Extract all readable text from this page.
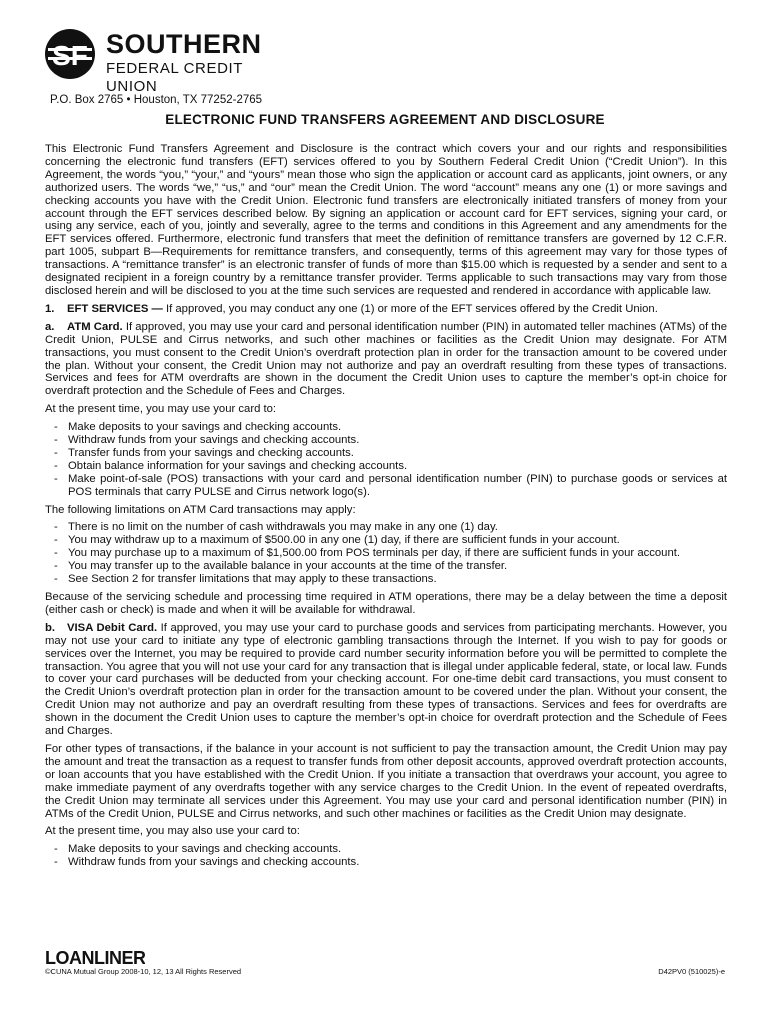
SF SOUTHERN
FEDERAL CREDIT UNION
P.O. Box 2765 • Houston, TX 77252-2765
ELECTRONIC FUND TRANSFERS AGREEMENT AND DISCLOSURE

This Electronic Fund Transfers Agreement and Disclosure is the contract which covers your and our rights and responsibilities concerning the electronic fund transfers (EFT) services offered to you by Southern Federal Credit Union (“Credit Union”). In this Agreement, the words “you,” “your,” and “yours” mean those who sign the application or account card as applicants, joint owners, or any authorized users. The words “we,” “us,” and “our” mean the Credit Union. The word “account” means any one (1) or more savings and checking accounts you have with the Credit Union. Electronic fund transfers are electronically initiated transfers of money from your account through the EFT services described below. By signing an application or account card for EFT services, signing your card, or using any service, each of you, jointly and severally, agree to the terms and conditions in this Agreement and any amendments for the EFT services offered. Furthermore, electronic fund transfers that meet the definition of remittance transfers are governed by 12 C.F.R. part 1005, subpart B—Requirements for remittance transfers, and consequently, terms of this agreement may vary for those types of transactions. A “remittance transfer” is an electronic transfer of funds of more than $15.00 which is requested by a sender and sent to a designated recipient in a foreign country by a remittance transfer provider. Terms applicable to such transactions may vary from those disclosed herein and will be disclosed to you at the time such services are requested and rendered in accordance with applicable law.

1. EFT SERVICES — If approved, you may conduct any one (1) or more of the EFT services offered by the Credit Union.

a. ATM Card. If approved, you may use your card and personal identification number (PIN) in automated teller machines (ATMs) of the Credit Union, PULSE and Cirrus networks, and such other machines or facilities as the Credit Union may designate. For ATM transactions, you must consent to the Credit Union’s overdraft protection plan in order for the transaction amount to be covered under the plan. Without your consent, the Credit Union may not authorize and pay an overdraft resulting from these types of transactions. Services and fees for ATM overdrafts are shown in the document the Credit Union uses to capture the member’s opt-in choice for overdraft protection and the Schedule of Fees and Charges.

At the present time, you may use your card to:

- Make deposits to your savings and checking accounts.
- Withdraw funds from your savings and checking accounts.
- Transfer funds from your savings and checking accounts.
- Obtain balance information for your savings and checking accounts.
- Make point-of-sale (POS) transactions with your card and personal identification number (PIN) to purchase goods or services at POS terminals that carry PULSE and Cirrus network logo(s).

The following limitations on ATM Card transactions may apply:

- There is no limit on the number of cash withdrawals you may make in any one (1) day.
- You may withdraw up to a maximum of $500.00 in any one (1) day, if there are sufficient funds in your account.
- You may purchase up to a maximum of $1,500.00 from POS terminals per day, if there are sufficient funds in your account.
- You may transfer up to the available balance in your accounts at the time of the transfer.
- See Section 2 for transfer limitations that may apply to these transactions.

Because of the servicing schedule and processing time required in ATM operations, there may be a delay between the time a deposit (either cash or check) is made and when it will be available for withdrawal.

b. VISA Debit Card. If approved, you may use your card to purchase goods and services from participating merchants. However, you may not use your card to initiate any type of electronic gambling transactions through the Internet. If you wish to pay for goods or services over the Internet, you may be required to provide card number security information before you will be permitted to complete the transaction. You agree that you will not use your card for any transaction that is illegal under applicable federal, state, or local law. Funds to cover your card purchases will be deducted from your checking account. For one-time debit card transactions, you must consent to the Credit Union’s overdraft protection plan in order for the transaction amount to be covered under the plan. Without your consent, the Credit Union may not authorize and pay an overdraft resulting from these types of transactions. Services and fees for overdrafts are shown in the document the Credit Union uses to capture the member’s opt-in choice for overdraft protection and the Schedule of Fees and Charges.

For other types of transactions, if the balance in your account is not sufficient to pay the transaction amount, the Credit Union may pay the amount and treat the transaction as a request to transfer funds from other deposit accounts, approved overdraft protection accounts, or loan accounts that you have established with the Credit Union. If you initiate a transaction that overdraws your account, you agree to make immediate payment of any overdrafts together with any service charges to the Credit Union. In the event of repeated overdrafts, the Credit Union may terminate all services under this Agreement. You may use your card and personal identification number (PIN) in ATMs of the Credit Union, PULSE and Cirrus networks, and such other machines or facilities as the Credit Union may designate.

At the present time, you may also use your card to:

- Make deposits to your savings and checking accounts.
- Withdraw funds from your savings and checking accounts.
LOANLINER
©CUNA Mutual Group 2008-10, 12, 13 All Rights Reserved	D42PV0 (510025)-e
